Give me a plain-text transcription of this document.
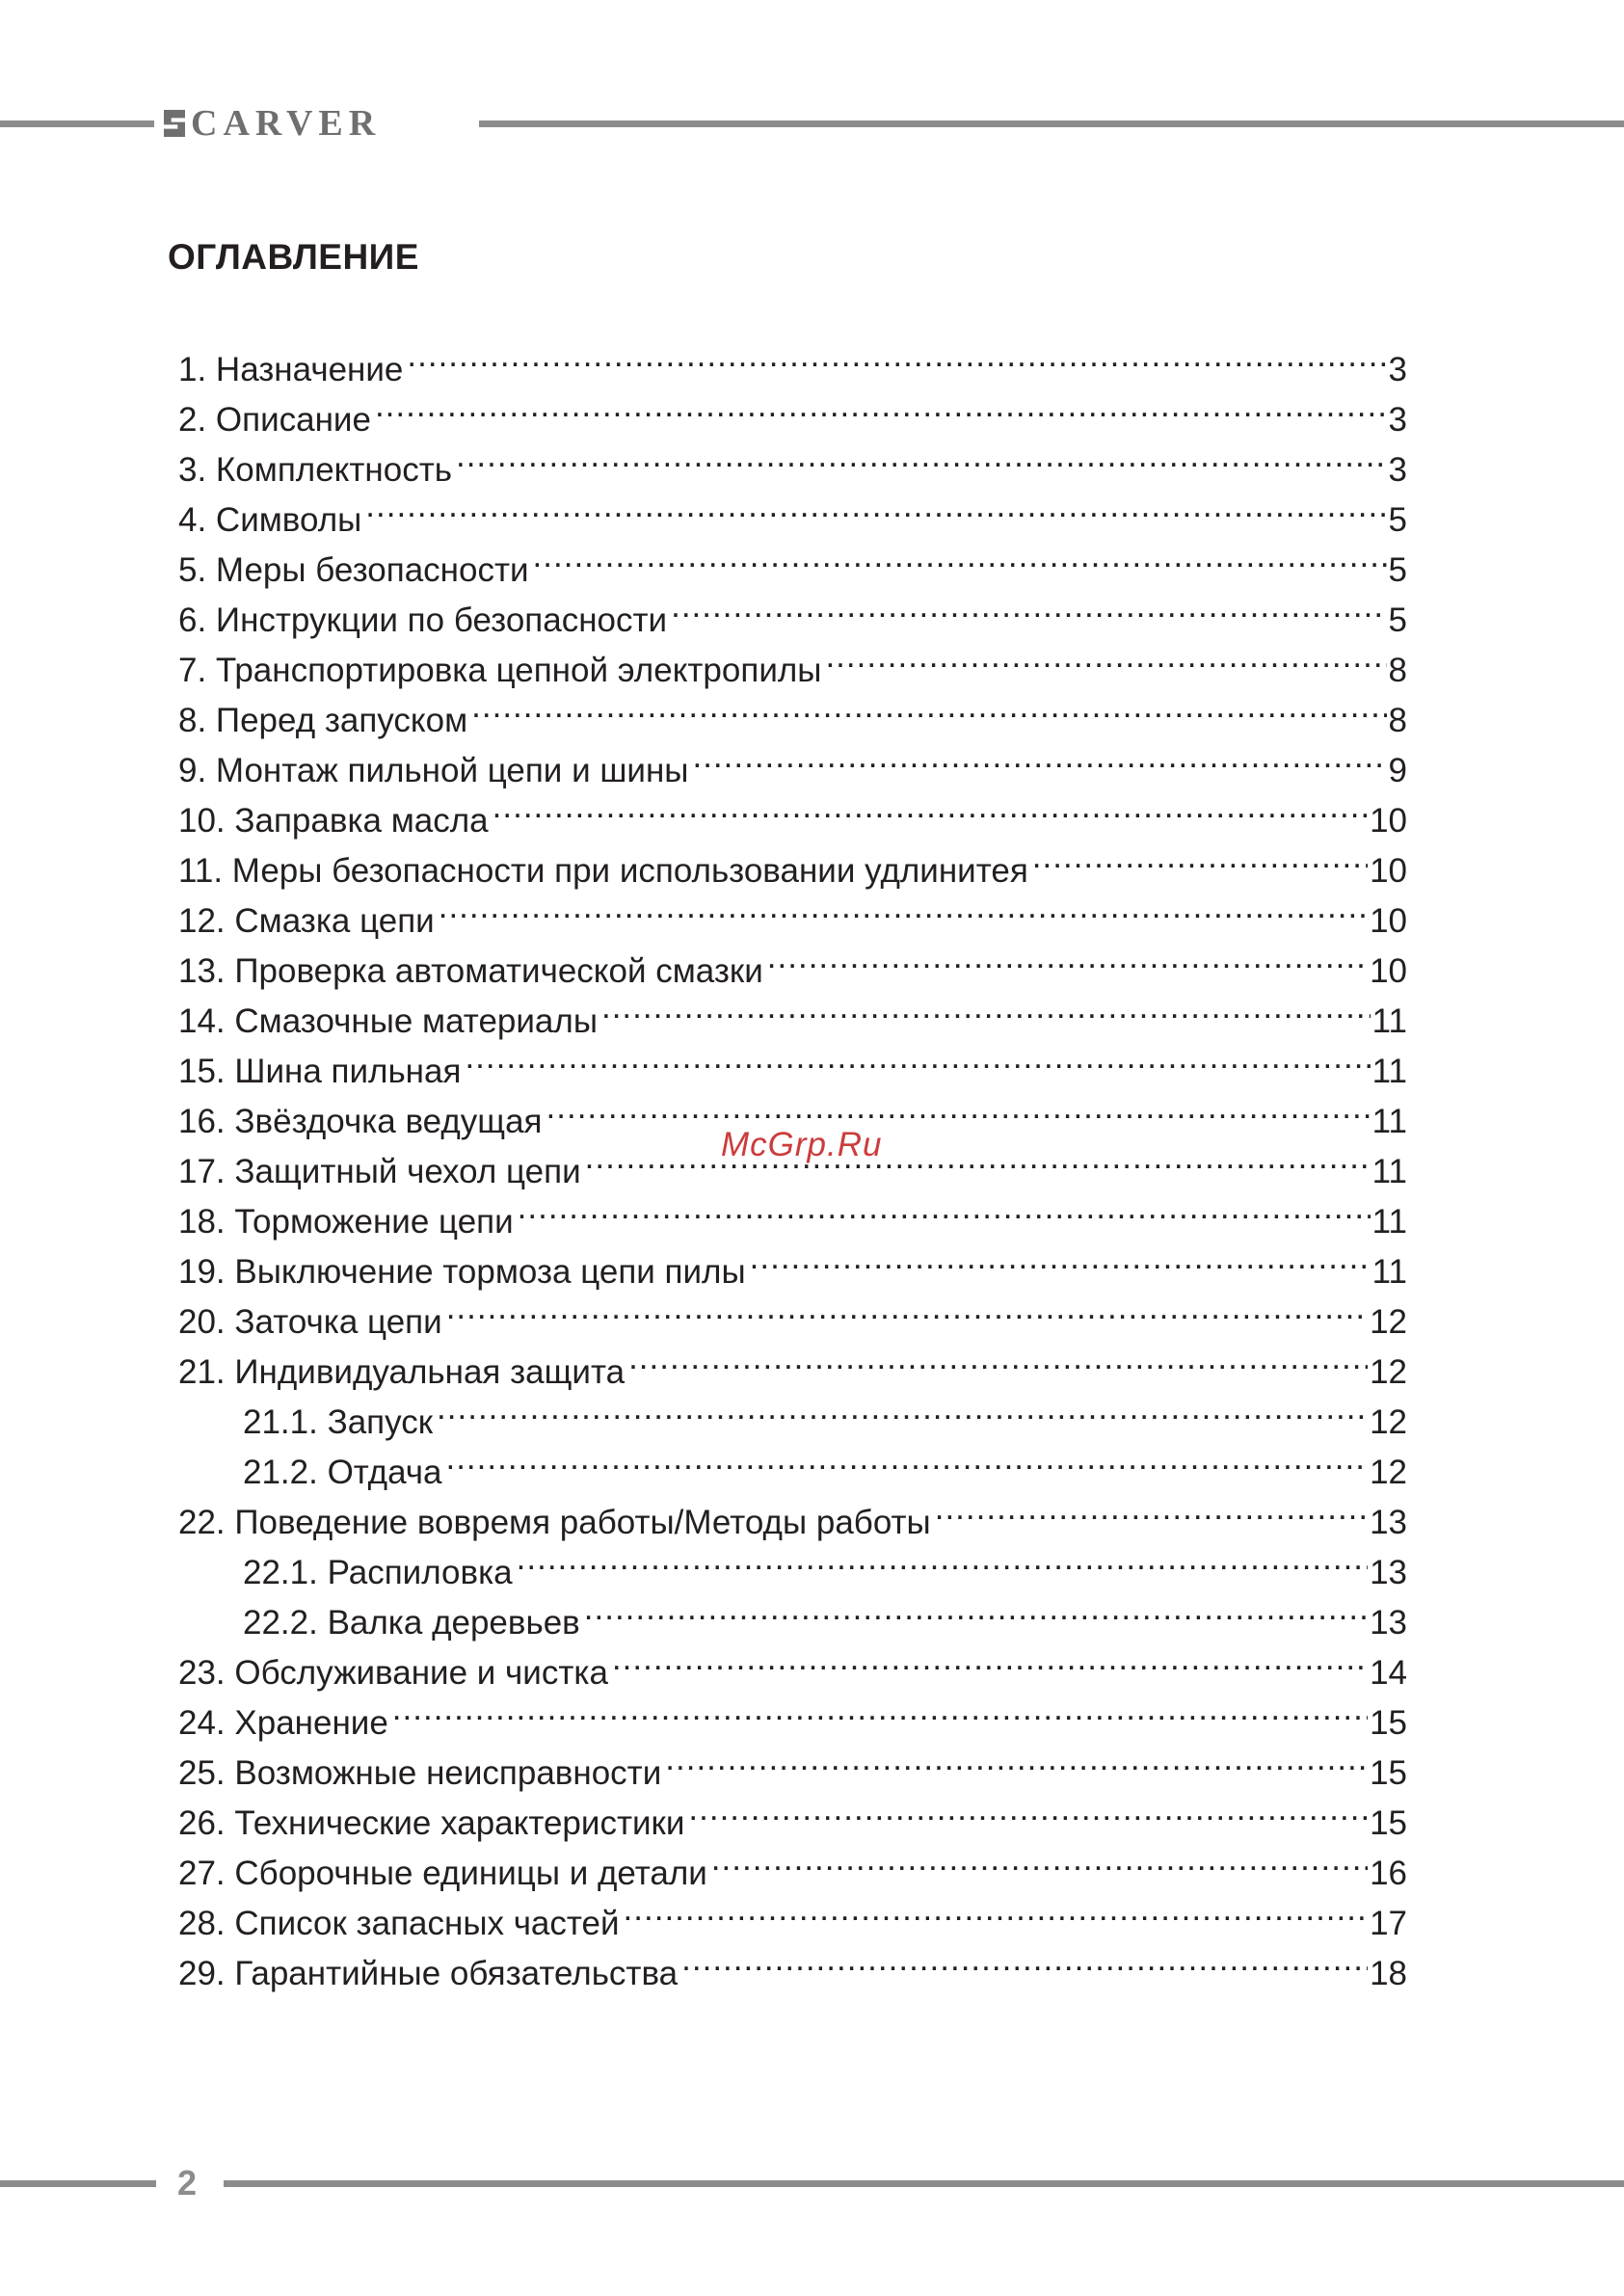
CARVER
ОГЛАВЛЕНИЕ
1. Назначение .....	3
2. Описание .....	3
3. Комплектность .....	3
4. Символы .....	5
5. Меры безопасности .....	5
6. Инструкции по безопасности .....	5
7. Транспортировка цепной электропилы .....	8
8. Перед запуском .....	8
9. Монтаж пильной цепи и шины .....	9
10. Заправка масла .....	10
11. Меры безопасности при использовании удлинитея .....	10
12. Смазка цепи .....	10
13. Проверка автоматической смазки .....	10
14. Смазочные материалы .....	11
15. Шина пильная .....	11
16. Звёздочка ведущая .....	11
17. Защитный чехол цепи .....	11
18. Торможение цепи .....	11
19. Выключение тормоза цепи пилы .....	11
20. Заточка цепи .....	12
21. Индивидуальная защита .....	12
21.1. Запуск .....	12
21.2. Отдача .....	12
22. Поведение вовремя работы/Методы работы .....	13
22.1. Распиловка .....	13
22.2. Валка деревьев .....	13
23. Обслуживание и чистка .....	14
24. Хранение .....	15
25. Возможные неисправности .....	15
26. Технические характеристики .....	15
27. Сборочные единицы и детали .....	16
28. Список запасных частей .....	17
29. Гарантийные обязательства .....	18
McGrp.Ru
2
